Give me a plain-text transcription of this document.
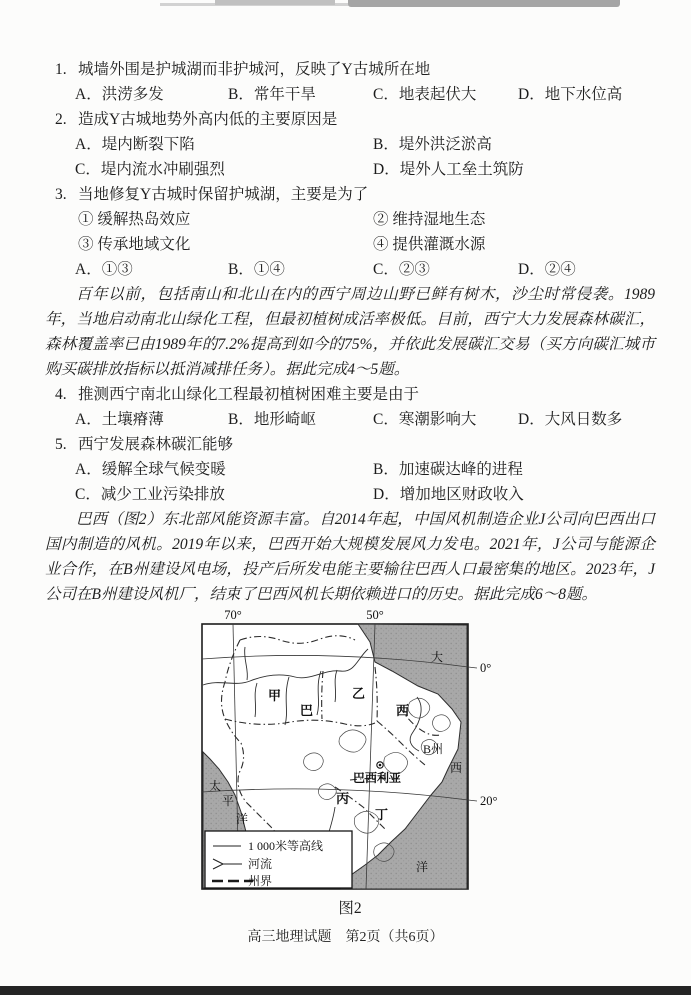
1. 城墙外围是护城湖而非护城河，反映了Y古城所在地
A．洪涝多发	B．常年干旱	C．地表起伏大	D．地下水位高
2. 造成Y古城地势外高内低的主要原因是
A．堤内断裂下陷	B．堤外洪泛淤高
C．堤内流水冲刷强烈	D．堤外人工垒土筑防
3. 当地修复Y古城时保留护城湖，主要是为了
① 缓解热岛效应	② 维持湿地生态
③ 传承地域文化	④ 提供灌溉水源
A．①③	B．①④	C．②③	D．②④

百年以前，包括南山和北山在内的西宁周边山野已鲜有树木，沙尘时常侵袭。1989年，当地启动南北山绿化工程，但最初植树成活率极低。目前，西宁大力发展森林碳汇，森林覆盖率已由1989年的7.2%提高到如今的75%，并依此发展碳汇交易（买方向碳汇城市购买碳排放指标以抵消减排任务）。据此完成4～5题。

4. 推测西宁南北山绿化工程最初植树困难主要是由于
A．土壤瘠薄	B．地形崎岖	C．寒潮影响大	D．大风日数多
5. 西宁发展森林碳汇能够
A．缓解全球气候变暖	B．加速碳达峰的进程
C．减少工业污染排放	D．增加地区财政收入

巴西（图2）东北部风能资源丰富。自2014年起，中国风机制造企业J公司向巴西出口国内制造的风机。2019年以来，巴西开始大规模发展风力发电。2021年，J公司与能源企业合作，在B州建设风电场，投产后所发电能主要输往巴西人口最密集的地区。2023年，J公司在B州建设风机厂，结束了巴西风机长期依赖进口的历史。据此完成6～8题。

70°	50°
0°
20°
甲	乙
丙
丁
巴	西
B州
巴西利亚
大
西
洋
太
平
洋
1 000米等高线
河流
州界
图2
高三地理试题　第2页（共6页）
